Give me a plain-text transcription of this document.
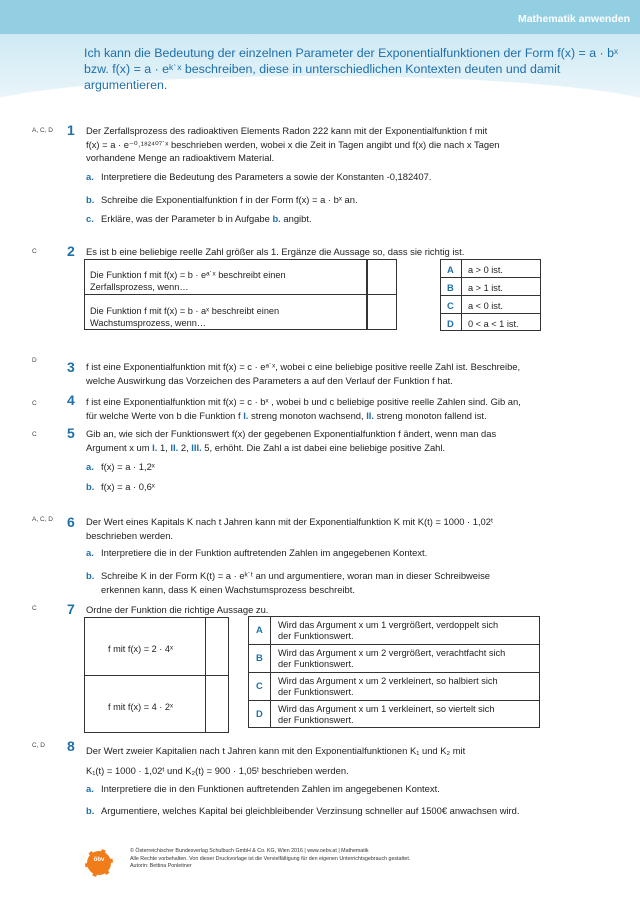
Mathematik anwenden
Ich kann die Bedeutung der einzelnen Parameter der Exponentialfunktionen der Form f(x) = a · bˣ
bzw. f(x) = a · eᵏ˙ˣ beschreiben, diese in unterschiedlichen Kontexten deuten und damit
argumentieren.
A, C, D	1 Der Zerfallsprozess des radioaktiven Elements Radon 222 kann mit der Exponentialfunktion f mit
f(x) = a · e⁻⁰˒¹⁸²⁴⁰⁷˙ˣ beschrieben werden, wobei x die Zeit in Tagen angibt und f(x) die nach x Tagen
vorhandene Menge an radioaktivem Material.
a. Interpretiere die Bedeutung des Parameters a sowie der Konstanten -0,182407.
b. Schreibe die Exponentialfunktion f in der Form f(x) = a · bˣ an.
c. Erkläre, was der Parameter b in Aufgabe b. angibt.
C	2 Es ist b eine beliebige reelle Zahl größer als 1. Ergänze die Aussage so, dass sie richtig ist.
Die Funktion f mit f(x) = b · eᵃ˙ˣ beschreibt einen
Zerfallsprozess, wenn…
Die Funktion f mit f(x) = b · aˣ beschreibt einen
Wachstumsprozess, wenn…
A a > 0 ist.
B a > 1 ist.
C a < 0 ist.
D 0 < a < 1 ist.
D	3 f ist eine Exponentialfunktion mit f(x) = c · eᵃ˙ˣ, wobei c eine beliebige positive reelle Zahl ist. Beschreibe,
welche Auswirkung das Vorzeichen des Parameters a auf den Verlauf der Funktion f hat.
C	4 f ist eine Exponentialfunktion mit f(x) = c · bˣ , wobei b und c beliebige positive reelle Zahlen sind. Gib an,
für welche Werte von b die Funktion f I. streng monoton wachsend, II. streng monoton fallend ist.
C	5 Gib an, wie sich der Funktionswert f(x) der gegebenen Exponentialfunktion f ändert, wenn man das
Argument x um I. 1, II. 2, III. 5, erhöht. Die Zahl a ist dabei eine beliebige positive Zahl.
a. f(x) = a · 1,2ˣ
b. f(x) = a · 0,6ˣ
A, C, D	6 Der Wert eines Kapitals K nach t Jahren kann mit der Exponentialfunktion K mit K(t) = 1000 · 1,02ᵗ
beschrieben werden.
a. Interpretiere die in der Funktion auftretenden Zahlen im angegebenen Kontext.
b. Schreibe K in der Form K(t) = a · eᵏ˙ᵗ an und argumentiere, woran man in dieser Schreibweise
erkennen kann, dass K einen Wachstumsprozess beschreibt.
C	7 Ordne der Funktion die richtige Aussage zu.
f mit f(x) = 2 · 4ˣ
f mit f(x) = 4 · 2ˣ
A Wird das Argument x um 1 vergrößert, verdoppelt sich
der Funktionswert.
B Wird das Argument x um 2 vergrößert, verachtfacht sich
der Funktionswert.
C Wird das Argument x um 2 verkleinert, so halbiert sich
der Funktionswert.
D Wird das Argument x um 1 verkleinert, so viertelt sich
der Funktionswert.
C, D	8 Der Wert zweier Kapitalien nach t Jahren kann mit den Exponentialfunktionen K₁ und K₂ mit
K₁(t) = 1000 · 1,02ᵗ und K₂(t) = 900 · 1,05ᵗ beschrieben werden.
a. Interpretiere die in den Funktionen auftretenden Zahlen im angegebenen Kontext.
b. Argumentiere, welches Kapital bei gleichbleibender Verzinsung schneller auf 1500€ anwachsen wird.
öbv
© Österreichischer Bundesverlag Schulbuch GmbH & Co. KG, Wien 2016 | www.oebv.at | Mathematik
Alle Rechte vorbehalten. Von dieser Druckvorlage ist die Vervielfältigung für den eigenen Unterrichtsgebrauch gestattet.
Autorin: Bettina Ponleitner
